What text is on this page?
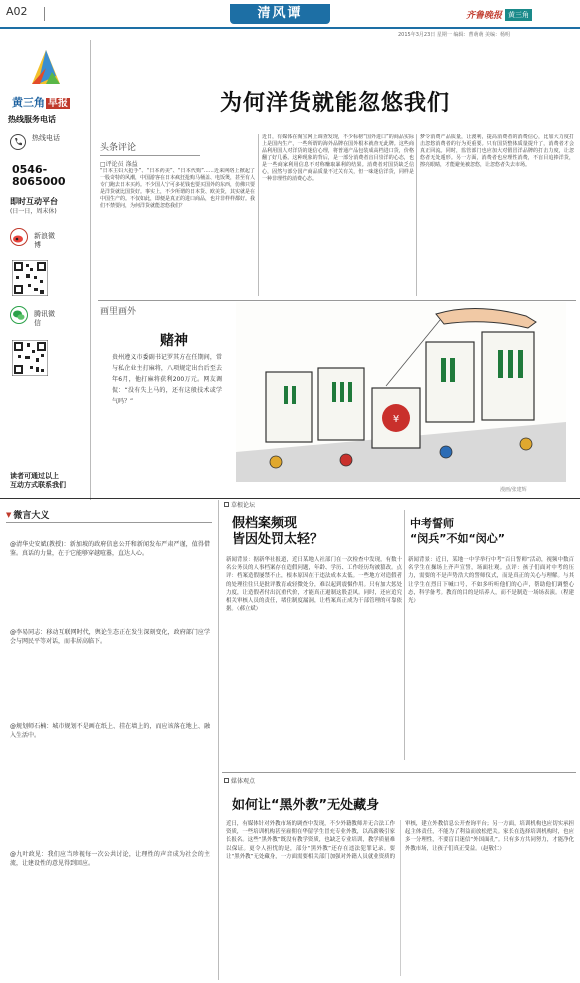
A02	清风谭	齐鲁晚报 黄三角
2015年3月23日 星期一 编辑：曹萌萌 美编：杨明
黄三角 早报
热线服务电话
热线电话
0546-
8065000
即时互动平台
(日一日，周末休)
新浪微博
腾讯微信
读者可通过以上
互动方式联系我们
为何洋货就能忽悠我们
头条评论
□评论员 涤益
“日本主妇大抢手”、“日本药美”、“日本代购”……近来网络上掀起了一股奇特的风潮，中国游客在日本疯狂抢购马桶盖、电饭煲，甚至有人专门跑去日本买药。不少国人宁可多花钱也要买国外的东西，仿佛只要是洋货就比国货好。事实上，不少所谓的日本货、欧美货，其实就是在中国生产的。不仅如此，即便是真正的进口商品，也并非样样都好。我们不禁要问，为何洋货就能忽悠我们？
近日，有媒体在淘宝网上调查发现，不少标榜“国外进口”的商品实际上是国内生产，一些所谓的海外品牌在国外根本就查无此牌。这些商品利用国人对洋货的迷信心理，将普通产品包装成高档进口货，价格翻了好几番。这种现象的背后，是一部分消费者盲目崇洋的心态，也是一些商家利用信息不对称赚取暴利的结果。消费者对国货缺乏信心，固然与部分国产商品质量不过关有关，但一味迷信洋货，同样是一种非理性的消费心态。
梦令消费产品质量，让渡利，提高消费者的消费信心，比加大力度打击忽悠消费者的行为更重要。只有国货整体质量提升了，消费者才会真正回流。同时，监管部门也应加大对假冒洋品牌的打击力度，让忽悠者无处遁形。另一方面，消费者也应理性消费，不盲目追捧洋货，擦亮眼睛，才能避免被忽悠，让忽悠者失去市场。
画里画外
赌神
贵州遵义市委副书记罗其方在任期间，常与私企业主打麻将，八项规定出台后至去年6月，他打麻将获利200万元。网友调侃：“没有失上马的，还有这般技术或学气吗？”
¥
漫画/张建辉
▼ 微言大义
@清华史安斌(教授)：新加坡的政府信息公开和新闻发布严肃严谨，值得借鉴。真话的力量，在于它能够穿越喧嚣，直达人心。
@李易同志：移动互联网时代，舆论生态正在发生深刻变化，政府部门应学会与网民平等对话，而非居高临下。
@规划师石楠：城市规划不是画在纸上、挂在墙上的，而应该落在地上、融入生活中。
@九叶政见：我们应当珍视每一次公共讨论，让理性的声音成为社会的主流，让建设性的意见得到回应。
草根论坛
假档案频现
皆因处罚太轻？
新闻背景：据新华社报道，近日某地人社部门在一次检查中发现，有数十名公务员的人事档案存在造假问题，年龄、学历、工作经历均被篡改。点评：档案造假屡禁不止，根本原因在于违法成本太低。一些地方对造假者的处理往往只是批评教育或轻微处分，难以起到震慑作用。只有加大惩处力度，让造假者付出沉重代价，才能真正遏制这股歪风。同时，还应追究相关审核人员的责任，堵住制度漏洞，让档案真正成为干部管理的可靠依据。（郝立斌）
中考誓师
“闵兵”不如“闵心”
新闻背景：近日，某地一中学举行中考“百日誓师”活动，视频中数百名学生在操场上齐声宣誓，场面壮观。点评：孩子们面对中考的压力，需要的不是声势浩大的誓师仪式，而是真正的关心与理解。与其让学生在烈日下喊口号，不如多听听他们的心声，帮助他们调整心态，科学备考。教育的目的是培养人，而不是制造一场场表演。（程建光）
媒体观点
如何让“黑外教”无处藏身
近日，有媒体针对外教市场的调查中发现，不少外籍教师并无合法工作资质，一些培训机构甚至雇佣在华留学生冒充专业外教，以高薪吸引家长报名。这些“黑外教”既没有教学资质，也缺乏专业培训，教学质量难以保证。更令人担忧的是，部分“黑外教”还存在违法犯罪记录。要让“黑外教”无处藏身，一方面需要相关部门加强对外籍人员就业资质的审核，建立外教信息公开查询平台；另一方面，培训机构也应切实承担起主体责任，不能为了利益而放松把关。家长在选择培训机构时，也应多一分理性，不要盲目迷信“外国面孔”。只有多方共同努力，才能净化外教市场，让孩子们真正受益。（赵敬仁）
